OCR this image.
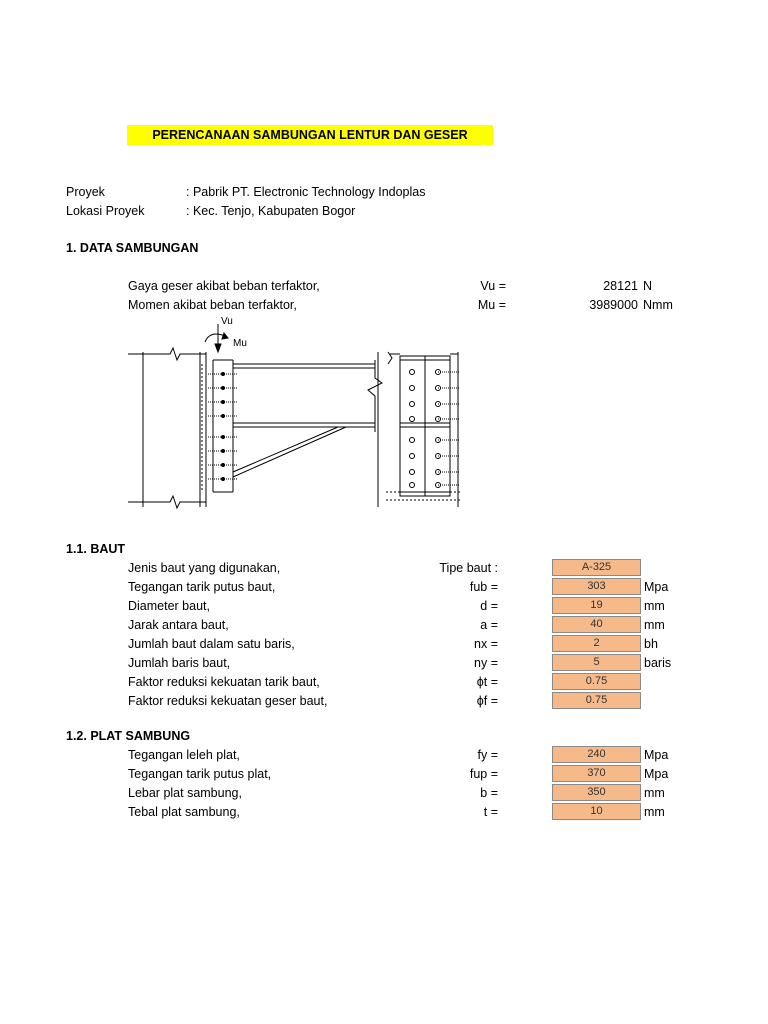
PERENCANAAN SAMBUNGAN LENTUR DAN GESER
Proyek	: Pabrik PT. Electronic Technology Indoplas
Lokasi Proyek	: Kec. Tenjo, Kabupaten Bogor
1. DATA SAMBUNGAN
Gaya geser akibat beban terfaktor,	Vu =	28121 N
Momen akibat beban terfaktor,	Mu =	3989000 Nmm
Vu
Mu
1.1. BAUT
Jenis baut yang digunakan,	Tipe baut :	A-325
Tegangan tarik putus baut,	fub =	303	Mpa
Diameter baut,	d =	19	mm
Jarak antara baut,	a =	40	mm
Jumlah baut dalam satu baris,	nx =	2	bh
Jumlah baris baut,	ny =	5	baris
Faktor reduksi kekuatan tarik baut,	ϕt =	0.75
Faktor reduksi kekuatan geser baut,	ϕf =	0.75
1.2. PLAT SAMBUNG
Tegangan leleh plat,	fy =	240	Mpa
Tegangan tarik putus plat,	fup =	370	Mpa
Lebar plat sambung,	b =	350	mm
Tebal plat sambung,	t =	10	mm
